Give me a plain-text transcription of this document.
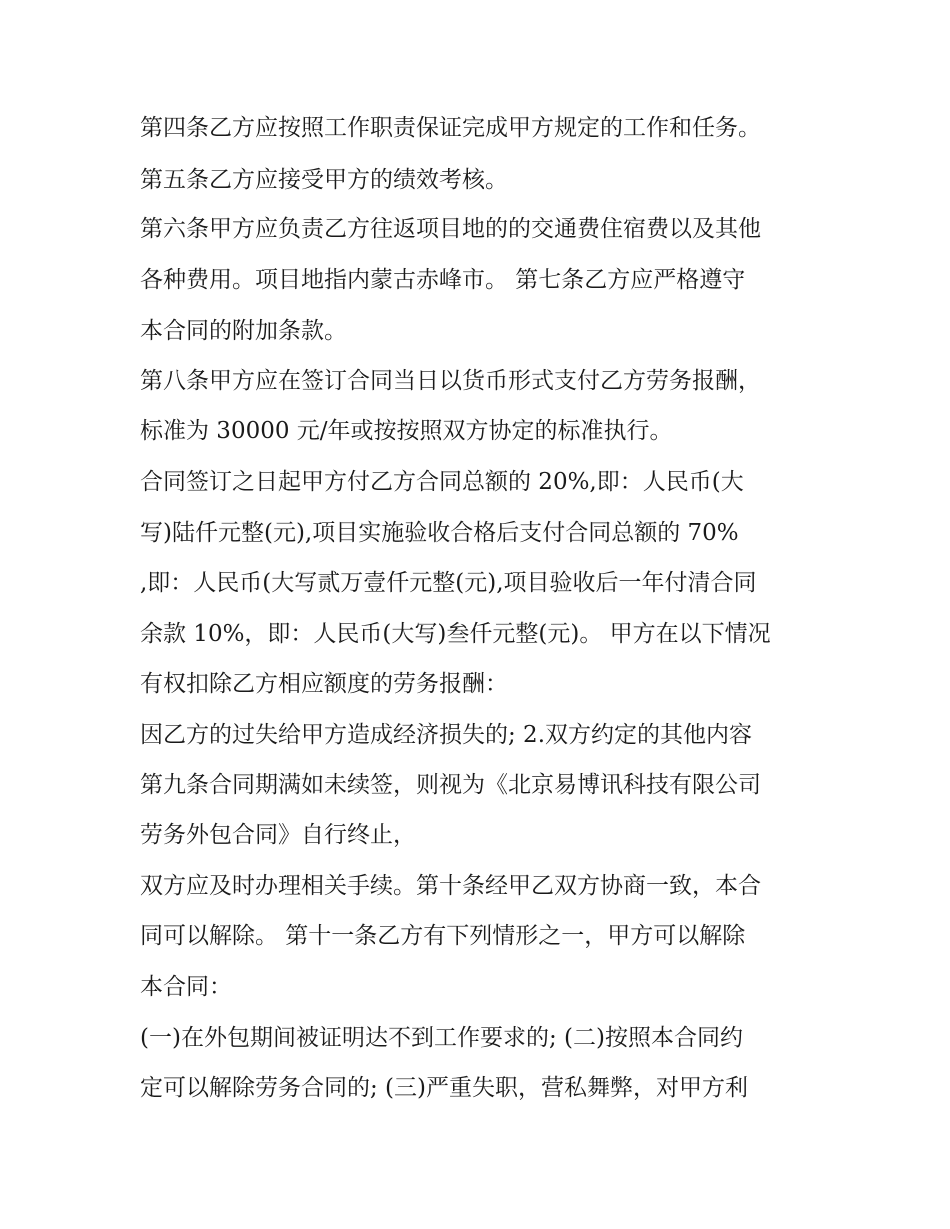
第四条乙方应按照工作职责保证完成甲方规定的工作和任务。
第五条乙方应接受甲方的绩效考核。
第六条甲方应负责乙方往返项目地的的交通费住宿费以及其他
各种费用。项目地指内蒙古赤峰市。 第七条乙方应严格遵守
本合同的附加条款。
第八条甲方应在签订合同当日以货币形式支付乙方劳务报酬，
标准为 30000 元/年或按按照双方协定的标准执行。
合同签订之日起甲方付乙方合同总额的 20%,即：人民币(大
写)陆仟元整(元),项目实施验收合格后支付合同总额的 70%
,即：人民币(大写贰万壹仟元整(元),项目验收后一年付清合同
余款 10%，即：人民币(大写)叁仟元整(元)。 甲方在以下情况
有权扣除乙方相应额度的劳务报酬：
因乙方的过失给甲方造成经济损失的; 2.双方约定的其他内容
第九条合同期满如未续签，则视为《北京易博讯科技有限公司
劳务外包合同》自行终止，
双方应及时办理相关手续。第十条经甲乙双方协商一致，本合
同可以解除。 第十一条乙方有下列情形之一，甲方可以解除
本合同：
(一)在外包期间被证明达不到工作要求的; (二)按照本合同约
定可以解除劳务合同的; (三)严重失职，营私舞弊，对甲方利
